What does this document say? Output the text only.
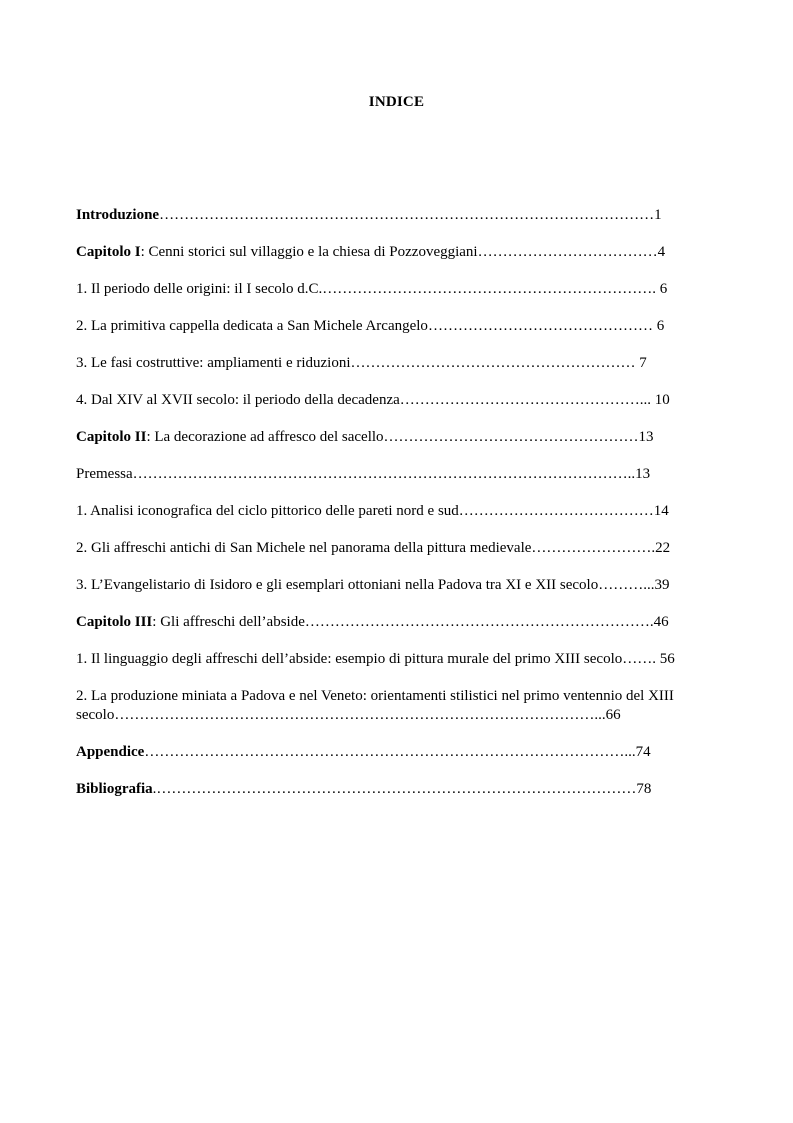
INDICE
Introduzione………………………………………………………………………………………1
Capitolo I: Cenni storici sul villaggio e la chiesa di Pozzoveggiani………………………………4
1. Il periodo delle origini: il I secolo d.C.…………………………………………………………. 6
2. La primitiva cappella dedicata a San Michele Arcangelo……………………………………… 6
3. Le fasi costruttive: ampliamenti e riduzioni………………………………………………… 7
4. Dal XIV al XVII secolo: il periodo della decadenza…………………………………………... 10
Capitolo II: La decorazione ad affresco del sacello……………………………………………13
Premessa………………………………………………………………………………………..13
1. Analisi iconografica del ciclo pittorico delle pareti nord e sud…………………………………14
2. Gli affreschi antichi di San Michele nel panorama della pittura medievale…………………….22
3. L’Evangelistario di Isidoro e gli esemplari ottoniani nella Padova tra XI e XII secolo………...39
Capitolo III: Gli affreschi dell’abside…………………………………………………………….46
1. Il linguaggio degli affreschi dell’abside: esempio di pittura murale del primo XIII secolo……. 56
2. La produzione miniata a Padova e nel Veneto: orientamenti stilistici nel primo ventennio del XIII secolo……………………………………………………………………………………...66
Appendice……………………………………………………………………………………...74
Bibliografia.……………………………………………………………………………………78
